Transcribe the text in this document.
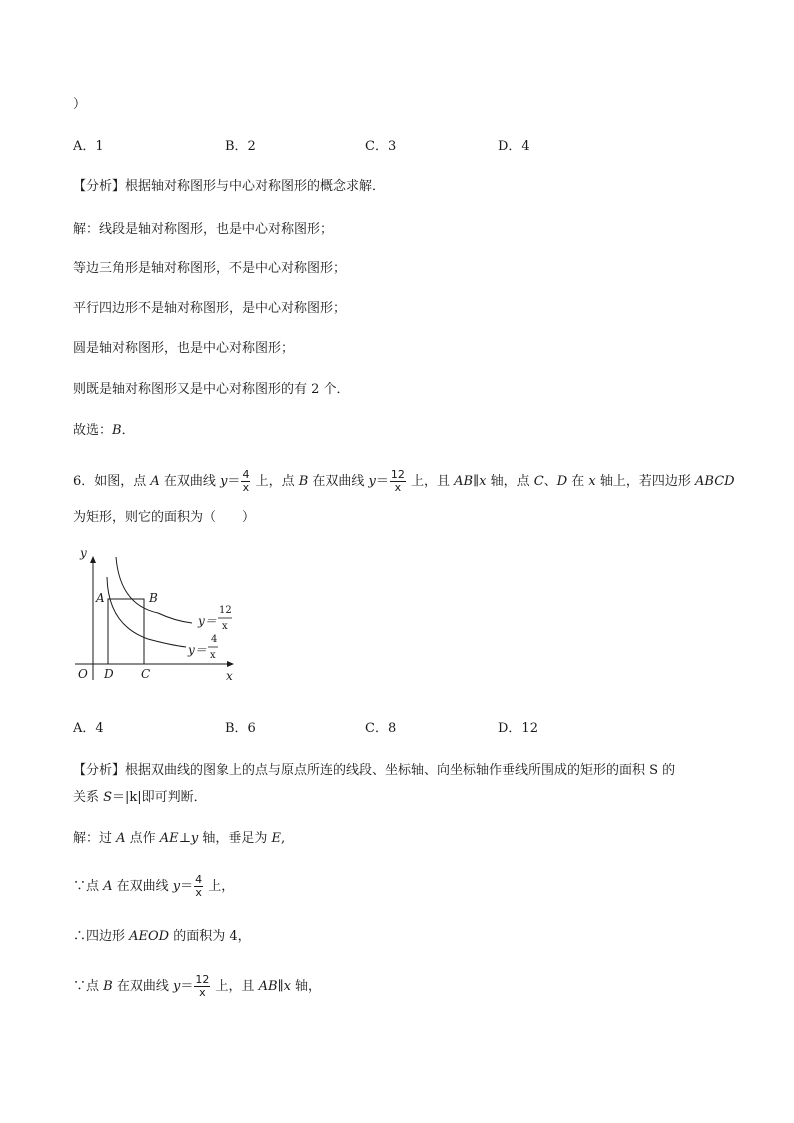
）
A．1	B．2	C．3	D．4
【分析】根据轴对称图形与中心对称图形的概念求解．
解：线段是轴对称图形，也是中心对称图形；
等边三角形是轴对称图形，不是中心对称图形；
平行四边形不是轴对称图形，是中心对称图形；
圆是轴对称图形，也是中心对称图形；
则既是轴对称图形又是中心对称图形的有 2 个．
故选：B．
6．如图，点 A 在双曲线 $y= \frac{4}{x}$ 上，点 B 在双曲线 $y= \frac{12}{x}$ 上，且 AB∥x 轴，点 C、D 在 x 轴上，若四边形 ABCD
为矩形，则它的面积为（　　）
y
x
O D C
A	B
y＝
12
x
y＝
4
x
A．4	B．6	C．8	D．12
【分析】根据双曲线的图象上的点与原点所连的线段、坐标轴、向坐标轴作垂线所围成的矩形的面积 S 的
关系 S＝|k|即可判断．
解：过 A 点作 AE⊥y 轴，垂足为 E,
∵点 A 在双曲线 $y= \frac{4}{x}$ 上，
∴四边形 AEOD 的面积为 4，
∵点 B 在双曲线 $y= \frac{12}{x}$ 上，且 AB∥x 轴，
